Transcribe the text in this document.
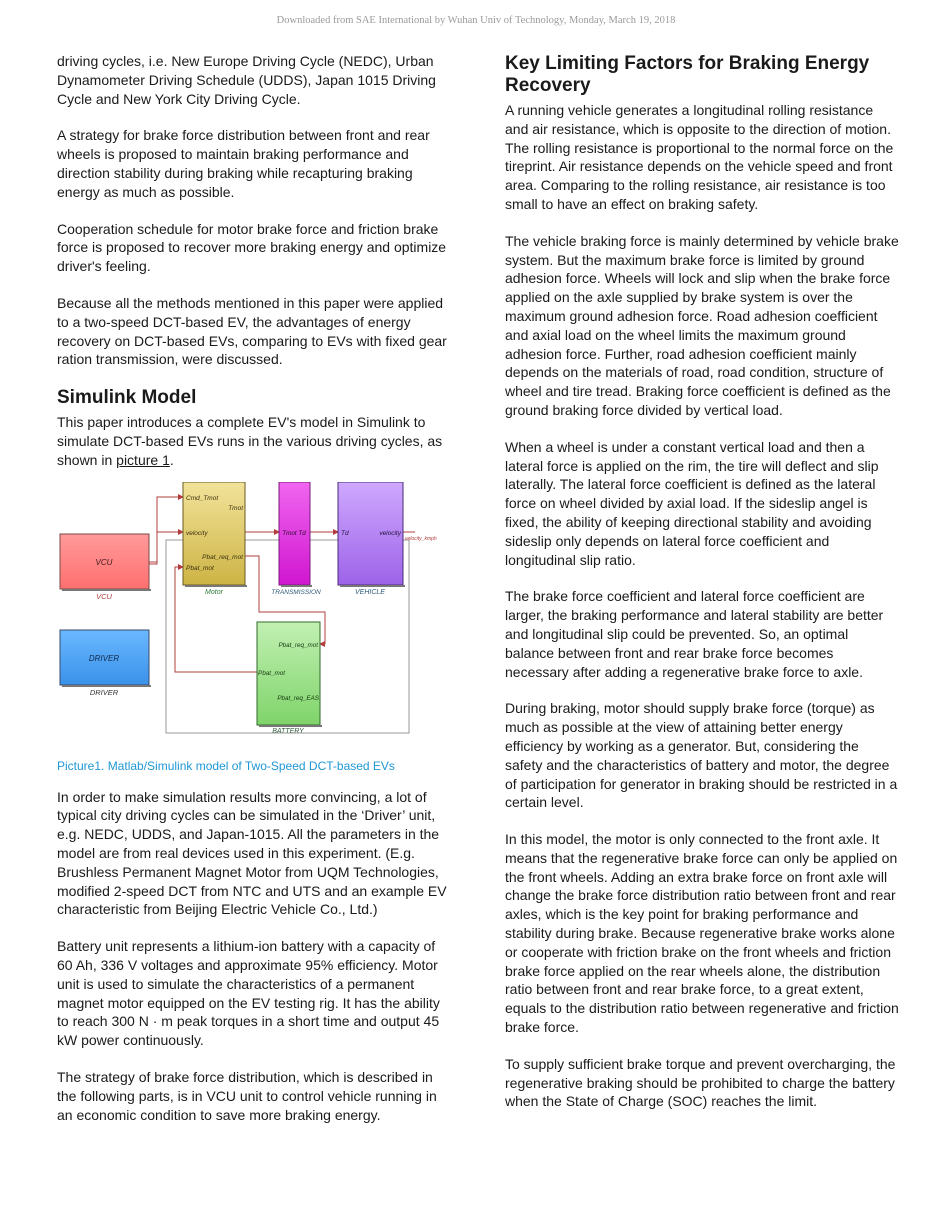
Downloaded from SAE International by Wuhan Univ of Technology, Monday, March 19, 2018

driving cycles, i.e. New Europe Driving Cycle (NEDC), Urban Dynamometer Driving Schedule (UDDS), Japan 1015 Driving Cycle and New York City Driving Cycle.

A strategy for brake force distribution between front and rear wheels is proposed to maintain braking performance and direction stability during braking while recapturing braking energy as much as possible.

Cooperation schedule for motor brake force and friction brake force is proposed to recover more braking energy and optimize driver's feeling.

Because all the methods mentioned in this paper were applied to a two-speed DCT-based EV, the advantages of energy recovery on DCT-based EVs, comparing to EVs with fixed gear ration transmission, were discussed.

Simulink Model

This paper introduces a complete EV's model in Simulink to simulate DCT-based EVs runs in the various driving cycles, as shown in picture 1.

VCU
VCU
DRIVER
DRIVER
Cmd_Tmot
Tmot
velocity
Pbat_req_mot
Pbat_mot
Motor
Tmot Td
TRANSMISSION
Td	velocity
velocity_kmph
VEHICLE
Pbat_req_mot
Pbat_mot
Pbat_req_EAS
BATTERY
Picture1. Matlab/Simulink model of Two-Speed DCT-based EVs

In order to make simulation results more convincing, a lot of typical city driving cycles can be simulated in the ‘Driver’ unit, e.g. NEDC, UDDS, and Japan-1015. All the parameters in the model are from real devices used in this experiment. (E.g. Brushless Permanent Magnet Motor from UQM Technologies, modified 2-speed DCT from NTC and UTS and an example EV characteristic from Beijing Electric Vehicle Co., Ltd.)

Battery unit represents a lithium-ion battery with a capacity of 60 Ah, 336 V voltages and approximate 95% efficiency. Motor unit is used to simulate the characteristics of a permanent magnet motor equipped on the EV testing rig. It has the ability to reach 300 N · m peak torques in a short time and output 45 kW power continuously.

The strategy of brake force distribution, which is described in the following parts, is in VCU unit to control vehicle running in an economic condition to save more braking energy.

Key Limiting Factors for Braking Energy Recovery

A running vehicle generates a longitudinal rolling resistance and air resistance, which is opposite to the direction of motion. The rolling resistance is proportional to the normal force on the tireprint. Air resistance depends on the vehicle speed and front area. Comparing to the rolling resistance, air resistance is too small to have an effect on braking safety.

The vehicle braking force is mainly determined by vehicle brake system. But the maximum brake force is limited by ground adhesion force. Wheels will lock and slip when the brake force applied on the axle supplied by brake system is over the maximum ground adhesion force. Road adhesion coefficient and axial load on the wheel limits the maximum ground adhesion force. Further, road adhesion coefficient mainly depends on the materials of road, road condition, structure of wheel and tire tread. Braking force coefficient is defined as the ground braking force divided by vertical load.

When a wheel is under a constant vertical load and then a lateral force is applied on the rim, the tire will deflect and slip laterally. The lateral force coefficient is defined as the lateral force on wheel divided by axial load. If the sideslip angel is fixed, the ability of keeping directional stability and avoiding sideslip only depends on lateral force coefficient and longitudinal slip ratio.

The brake force coefficient and lateral force coefficient are larger, the braking performance and lateral stability are better and longitudinal slip could be prevented. So, an optimal balance between front and rear brake force becomes necessary after adding a regenerative brake force to axle.

During braking, motor should supply brake force (torque) as much as possible at the view of attaining better energy efficiency by working as a generator. But, considering the safety and the characteristics of battery and motor, the degree of participation for generator in braking should be restricted in a certain level.

In this model, the motor is only connected to the front axle. It means that the regenerative brake force can only be applied on the front wheels. Adding an extra brake force on front axle will change the brake force distribution ratio between front and rear axles, which is the key point for braking performance and stability during brake. Because regenerative brake works alone or cooperate with friction brake on the front wheels and friction brake force applied on the rear wheels alone, the distribution ratio between front and rear brake force, to a great extent, equals to the distribution ratio between regenerative and friction brake force.

To supply sufficient brake torque and prevent overcharging, the regenerative braking should be prohibited to charge the battery when the State of Charge (SOC) reaches the limit.
